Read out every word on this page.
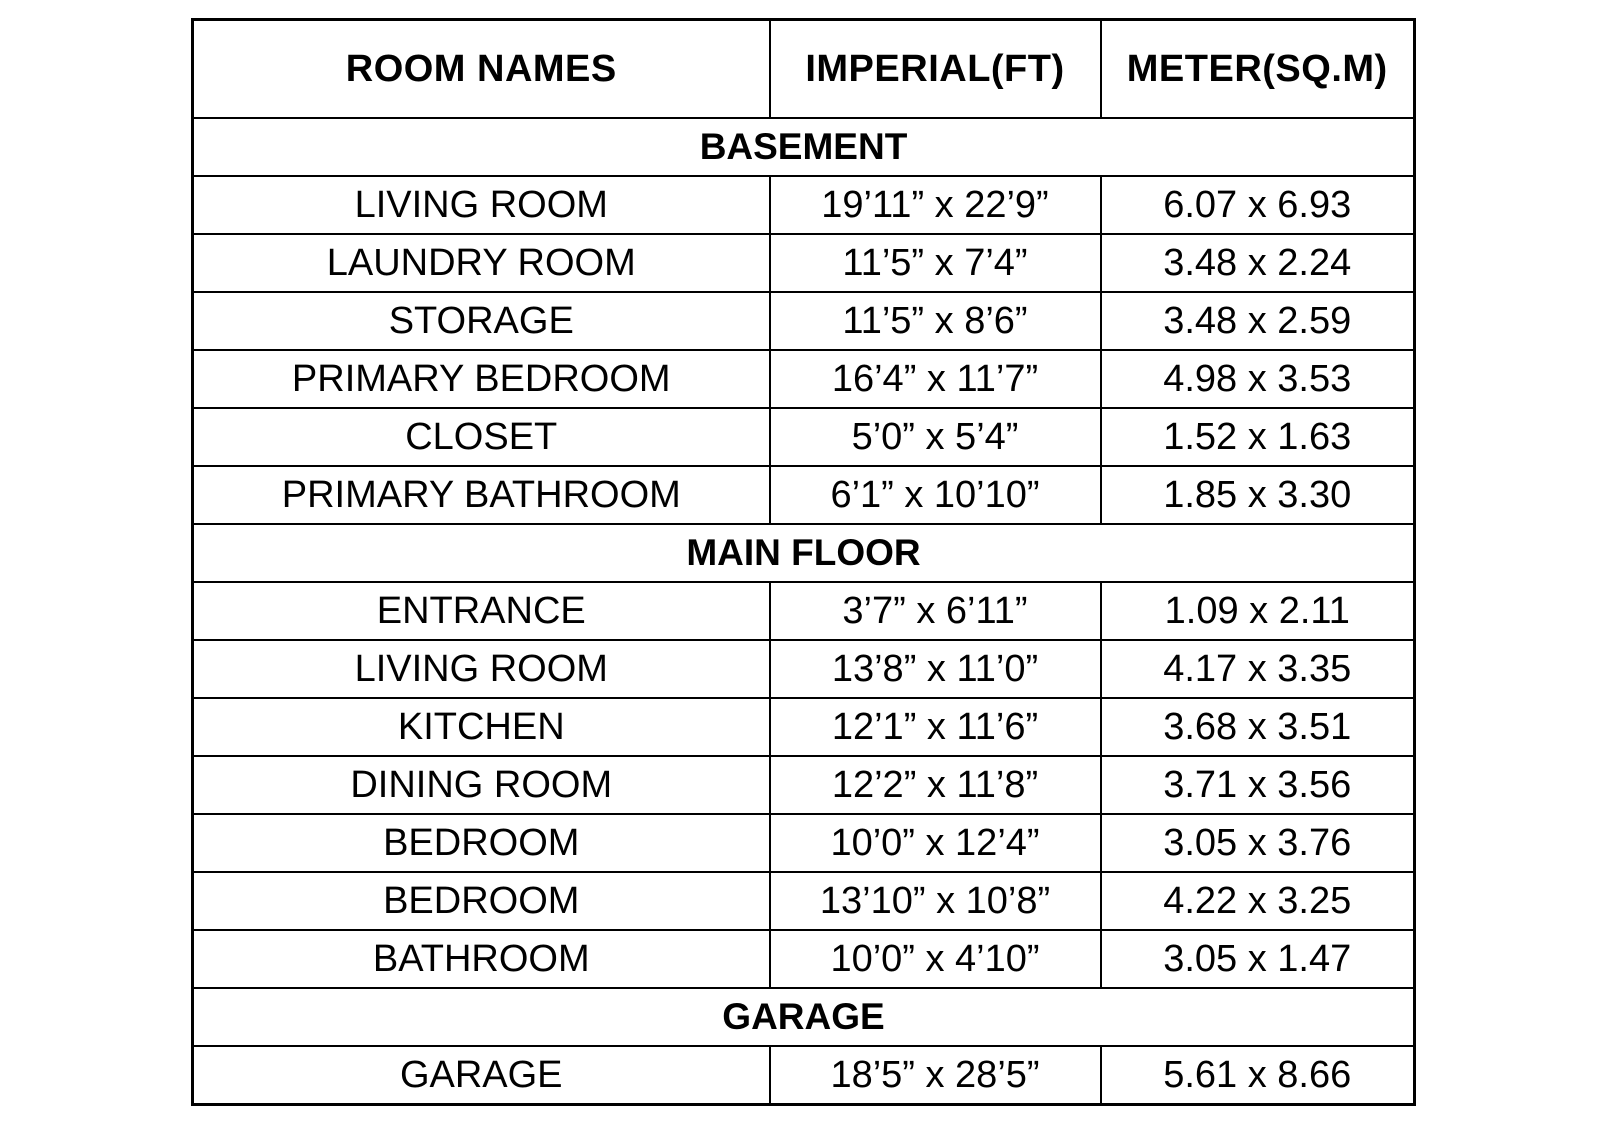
ROOM NAMES	IMPERIAL(FT)	METER(SQ.M)
BASEMENT		
LIVING ROOM	19’11” x 22’9”	6.07 x 6.93
LAUNDRY ROOM	11’5” x 7’4”	3.48 x 2.24
STORAGE	11’5” x 8’6”	3.48 x 2.59
PRIMARY BEDROOM	16’4” x 11’7”	4.98 x 3.53
CLOSET	5’0” x 5’4”	1.52 x 1.63
PRIMARY BATHROOM	6’1” x 10’10”	1.85 x 3.30
MAIN FLOOR		
ENTRANCE	3’7” x 6’11”	1.09 x 2.11
LIVING ROOM	13’8” x 11’0”	4.17 x 3.35
KITCHEN	12’1” x 11’6”	3.68 x 3.51
DINING ROOM	12’2” x 11’8”	3.71 x 3.56
BEDROOM	10’0” x 12’4”	3.05 x 3.76
BEDROOM	13’10” x 10’8”	4.22 x 3.25
BATHROOM	10’0” x 4’10”	3.05 x 1.47
GARAGE		
GARAGE	18’5” x 28’5”	5.61 x 8.66
